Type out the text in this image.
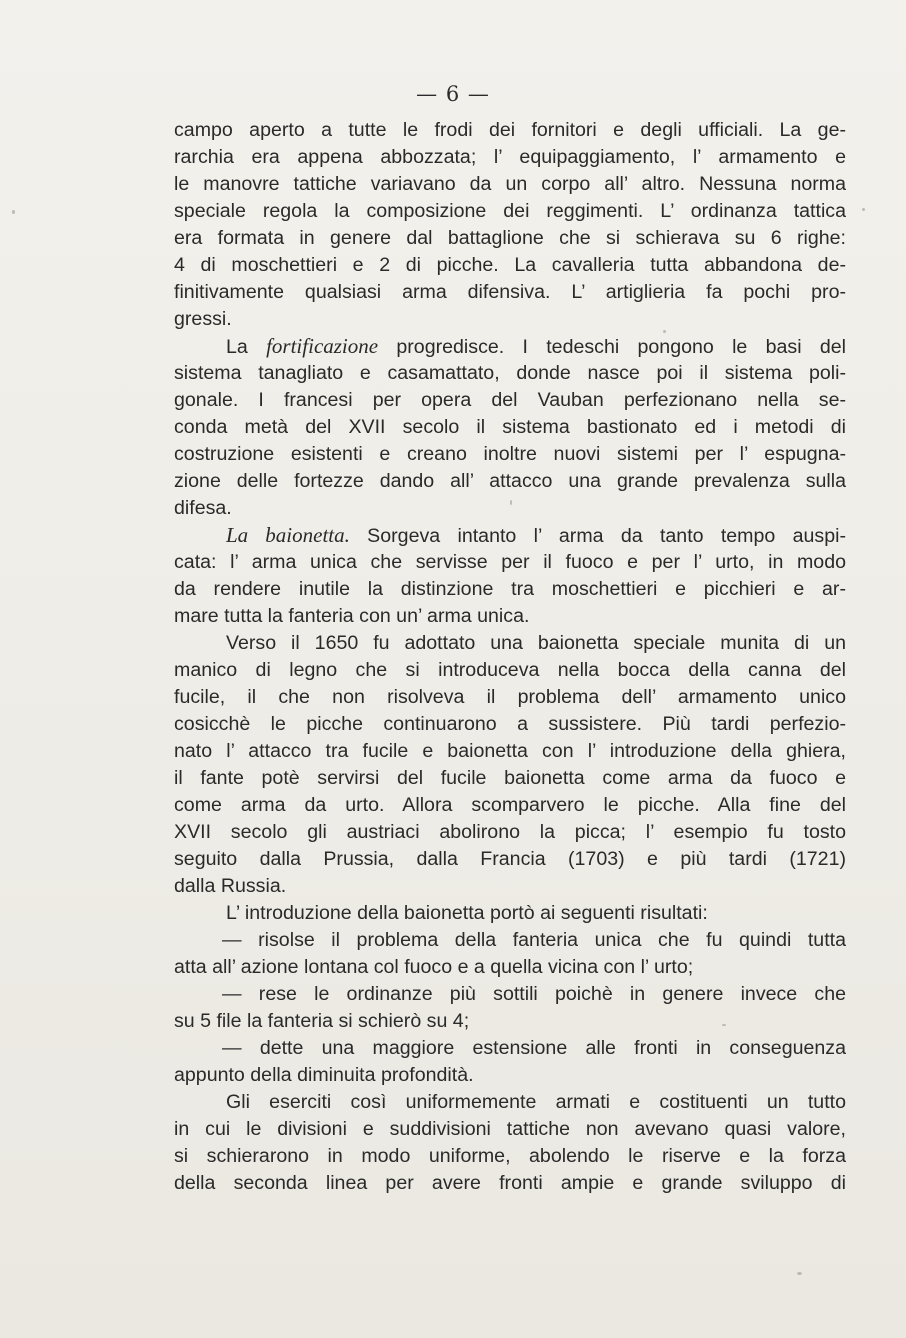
— 6 —
campo aperto a tutte le frodi dei fornitori e degli ufficiali. La ge-
rarchia era appena abbozzata; l’ equipaggiamento, l’ armamento e
le manovre tattiche variavano da un corpo all’ altro. Nessuna norma
speciale regola la composizione dei reggimenti. L’ ordinanza tattica
era formata in genere dal battaglione che si schierava su 6 righe:
4 di moschettieri e 2 di picche. La cavalleria tutta abbandona de-
finitivamente qualsiasi arma difensiva. L’ artiglieria fa pochi pro-
gressi.
La fortificazione progredisce. I tedeschi pongono le basi del
sistema tanagliato e casamattato, donde nasce poi il sistema poli-
gonale. I francesi per opera del Vauban perfezionano nella se-
conda metà del XVII secolo il sistema bastionato ed i metodi di
costruzione esistenti e creano inoltre nuovi sistemi per l’ espugna-
zione delle fortezze dando all’ attacco una grande prevalenza sulla
difesa.
La baionetta. Sorgeva intanto l’ arma da tanto tempo auspi-
cata: l’ arma unica che servisse per il fuoco e per l’ urto, in modo
da rendere inutile la distinzione tra moschettieri e picchieri e ar-
mare tutta la fanteria con un’ arma unica.
Verso il 1650 fu adottato una baionetta speciale munita di un
manico di legno che si introduceva nella bocca della canna del
fucile, il che non risolveva il problema dell’ armamento unico
cosicchè le picche continuarono a sussistere. Più tardi perfezio-
nato l’ attacco tra fucile e baionetta con l’ introduzione della ghiera,
il fante potè servirsi del fucile baionetta come arma da fuoco e
come arma da urto. Allora scomparvero le picche. Alla fine del
XVII secolo gli austriaci abolirono la picca; l’ esempio fu tosto
seguito dalla Prussia, dalla Francia (1703) e più tardi (1721)
dalla Russia.
L’ introduzione della baionetta portò ai seguenti risultati:
— risolse il problema della fanteria unica che fu quindi tutta
atta all’ azione lontana col fuoco e a quella vicina con l’ urto;
— rese le ordinanze più sottili poichè in genere invece che
su 5 file la fanteria si schierò su 4;
— dette una maggiore estensione alle fronti in conseguenza
appunto della diminuita profondità.
Gli eserciti così uniformemente armati e costituenti un tutto
in cui le divisioni e suddivisioni tattiche non avevano quasi valore,
si schierarono in modo uniforme, abolendo le riserve e la forza
della seconda linea per avere fronti ampie e grande sviluppo di
